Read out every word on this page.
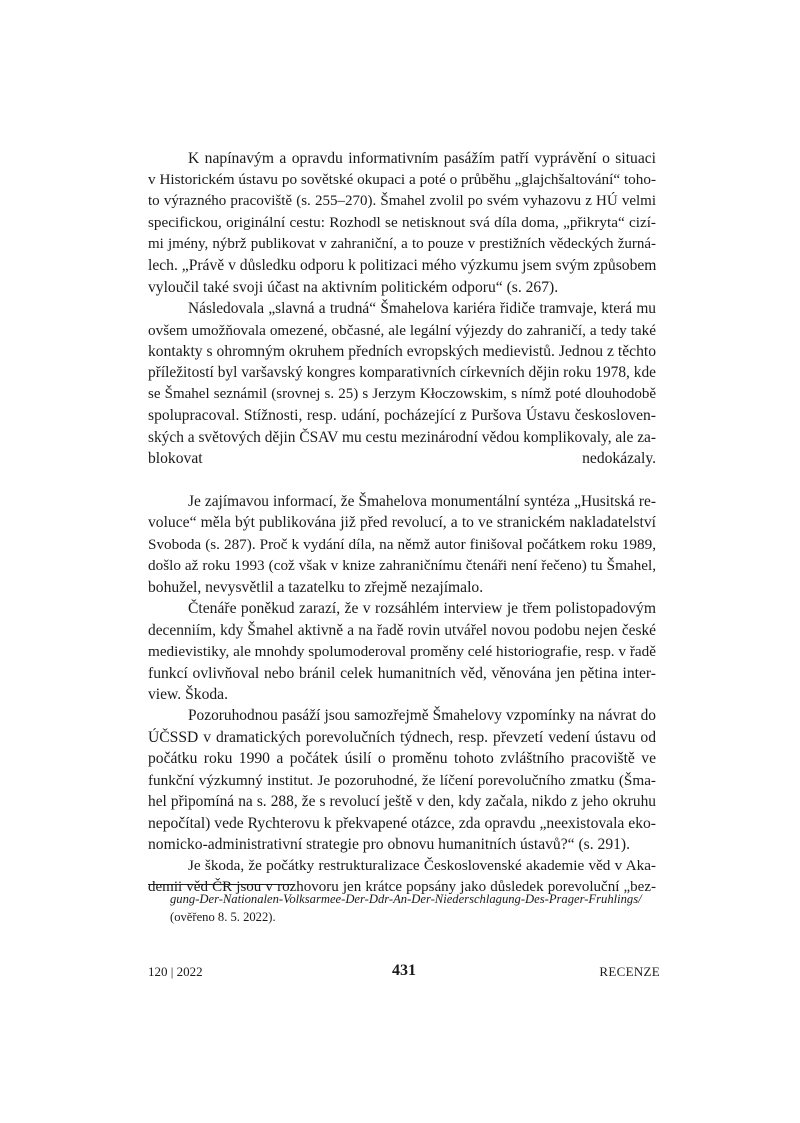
K napínavým a opravdu informativním pasážím patří vyprávění o situaci
v Historickém ústavu po sovětské okupaci a poté o průběhu „glajchšaltování“ toho-
to výrazného pracoviště (s. 255–270). Šmahel zvolil po svém vyhazovu z HÚ velmi
specifickou, originální cestu: Rozhodl se netisknout svá díla doma, „přikryta“ cizí-
mi jmény, nýbrž publikovat v zahraniční, a to pouze v prestižních vědeckých žurná-
lech. „Právě v důsledku odporu k politizaci mého výzkumu jsem svým způsobem
vyloučil také svoji účast na aktivním politickém odporu“ (s. 267).
Následovala „slavná a trudná“ Šmahelova kariéra řidiče tramvaje, která mu
ovšem umožňovala omezené, občasné, ale legální výjezdy do zahraničí, a tedy také
kontakty s ohromným okruhem předních evropských medievistů. Jednou z těchto
příležitostí byl varšavský kongres komparativních církevních dějin roku 1978, kde
se Šmahel seznámil (srovnej s. 25) s Jerzym Kłoczowskim, s nímž poté dlouhodobě
spolupracoval. Stížnosti, resp. udání, pocházející z Puršova Ústavu českosloven-
ských a světových dějin ČSAV mu cestu mezinárodní vědou komplikovaly, ale za-
blokovat nedokázaly.
Je zajímavou informací, že Šmahelova monumentální syntéza „Husitská re-
voluce“ měla být publikována již před revolucí, a to ve stranickém nakladatelství
Svoboda (s. 287). Proč k vydání díla, na němž autor finišoval počátkem roku 1989,
došlo až roku 1993 (což však v knize zahraničnímu čtenáři není řečeno) tu Šmahel,
bohužel, nevysvětlil a tazatelku to zřejmě nezajímalo.
Čtenáře poněkud zarazí, že v rozsáhlém interview je třem polistopadovým
decenniím, kdy Šmahel aktivně a na řadě rovin utvářel novou podobu nejen české
medievistiky, ale mnohdy spolumoderoval proměny celé historiografie, resp. v řadě
funkcí ovlivňoval nebo bránil celek humanitních věd, věnována jen pětina inter-
view. Škoda.
Pozoruhodnou pasáží jsou samozřejmě Šmahelovy vzpomínky na návrat do
ÚČSSD v dramatických porevolučních týdnech, resp. převzetí vedení ústavu od
počátku roku 1990 a počátek úsilí o proměnu tohoto zvláštního pracoviště ve
funkční výzkumný institut. Je pozoruhodné, že líčení porevolučního zmatku (Šma-
hel připomíná na s. 288, že s revolucí ještě v den, kdy začala, nikdo z jeho okruhu
nepočítal) vede Rychterovu k překvapené otázce, zda opravdu „neexistovala eko-
nomicko-administrativní strategie pro obnovu humanitních ústavů?“ (s. 291).
Je škoda, že počátky restrukturalizace Československé akademie věd v Aka-
demii věd ČR jsou v rozhovoru jen krátce popsány jako důsledek porevoluční „bez-
gung-Der-Nationalen-Volksarmee-Der-Ddr-An-Der-Niederschlagung-Des-Prager-Fruhlings/
(ověřeno 8. 5. 2022).
120 | 2022	431	RECENZE
